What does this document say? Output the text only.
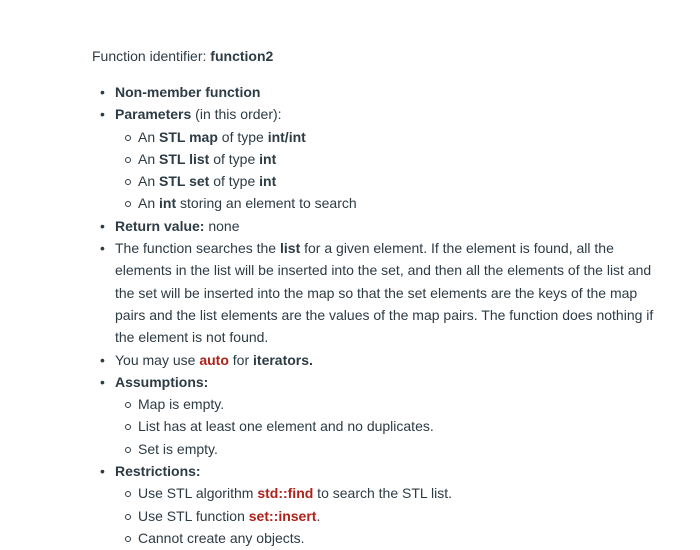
Function identifier: function2
• Non-member function
• Parameters (in this order):
An STL map of type int/int
An STL list of type int
An STL set of type int
An int storing an element to search
• Return value: none
• The function searches the list for a given element. If the element is found, all the elements in the list will be inserted into the set, and then all the elements of the list and the set will be inserted into the map so that the set elements are the keys of the map pairs and the list elements are the values of the map pairs. The function does nothing if the element is not found.
• You may use auto for iterators.
• Assumptions:
Map is empty.
List has at least one element and no duplicates.
Set is empty.
• Restrictions:
Use STL algorithm std::find to search the STL list.
Use STL function set::insert.
Cannot create any objects.
